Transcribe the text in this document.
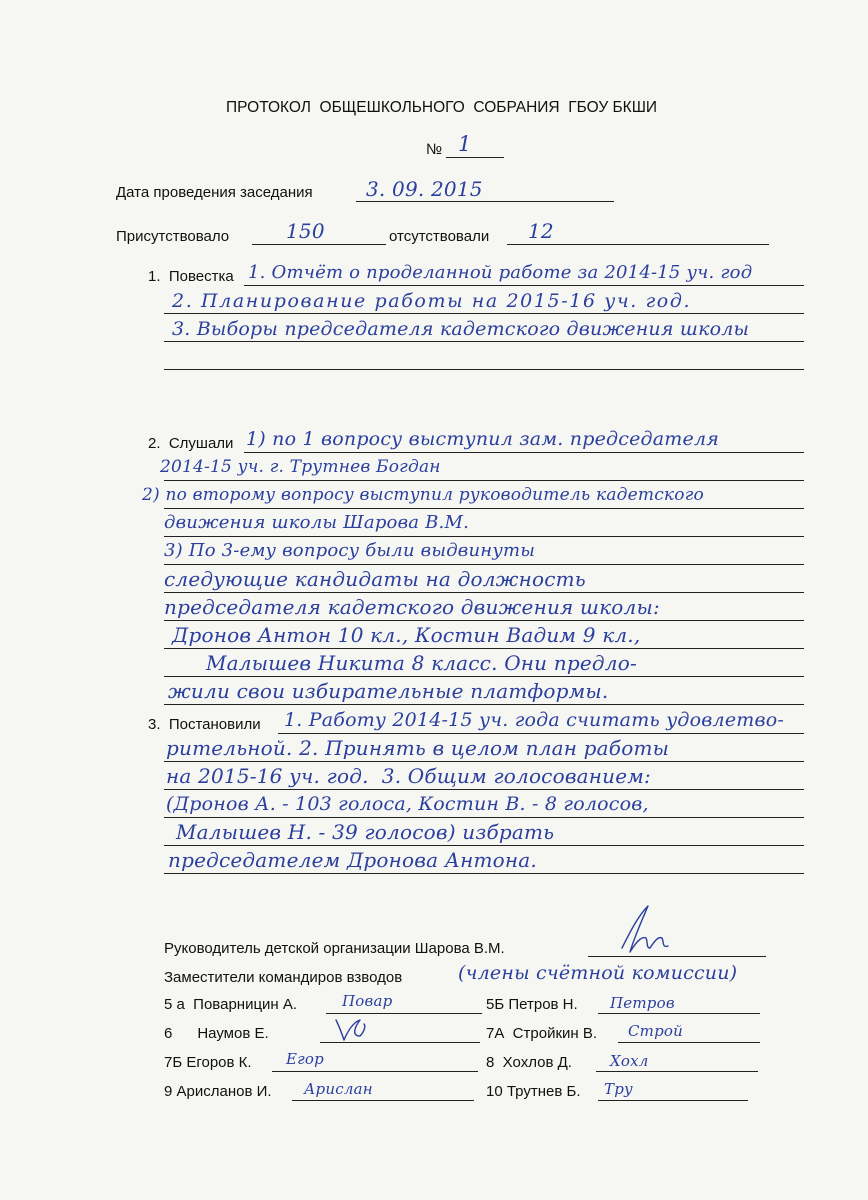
ПРОТОКОЛ  ОБЩЕШКОЛЬНОГО  СОБРАНИЯ  ГБОУ БКШИ
№ 1
Дата проведения заседания	3. 09. 2015
Присутствовало	150	отсутствовали 12
1.  Повестка 1. Отчёт о проделанной работе за 2014-15 уч. год
2. Планирование работы на 2015-16 уч. год.
3. Выборы председателя кадетского движения школы
2.  Слушали 1) по 1 вопросу выступил зам. председателя
2014-15 уч. г. Трутнев Богдан
2) по второму вопросу выступил руководитель кадетского
движения школы Шарова В.М.
3) По 3-ему вопросу были выдвинуты
следующие кандидаты на должность
председателя кадетского движения школы:
Дронов Антон 10 кл., Костин Вадим 9 кл.,
Малышев Никита 8 класс. Они предло-
жили свои избирательные платформы.
3.  Постановили 1. Работу 2014-15 уч. года считать удовлетво-
рительной. 2. Принять в целом план работы
на 2015-16 уч. год.  3. Общим голосованием:
(Дронов А. - 103 голоса, Костин В. - 8 голосов,
Малышев Н. - 39 голосов) избрать
председателем Дронова Антона.
Руководитель детской организации Шарова В.М.
Заместители командиров взводов	(члены счётной комиссии)
5 а  Поварницин А.	Повар	5Б Петров Н. Петров
6      Наумов Е.	7А  Стройкин В. Строй
7Б Егоров К. Егор	8  Хохлов Д.	Хохл
9 Арисланов И. Арислан	10 Трутнев Б. Тру
